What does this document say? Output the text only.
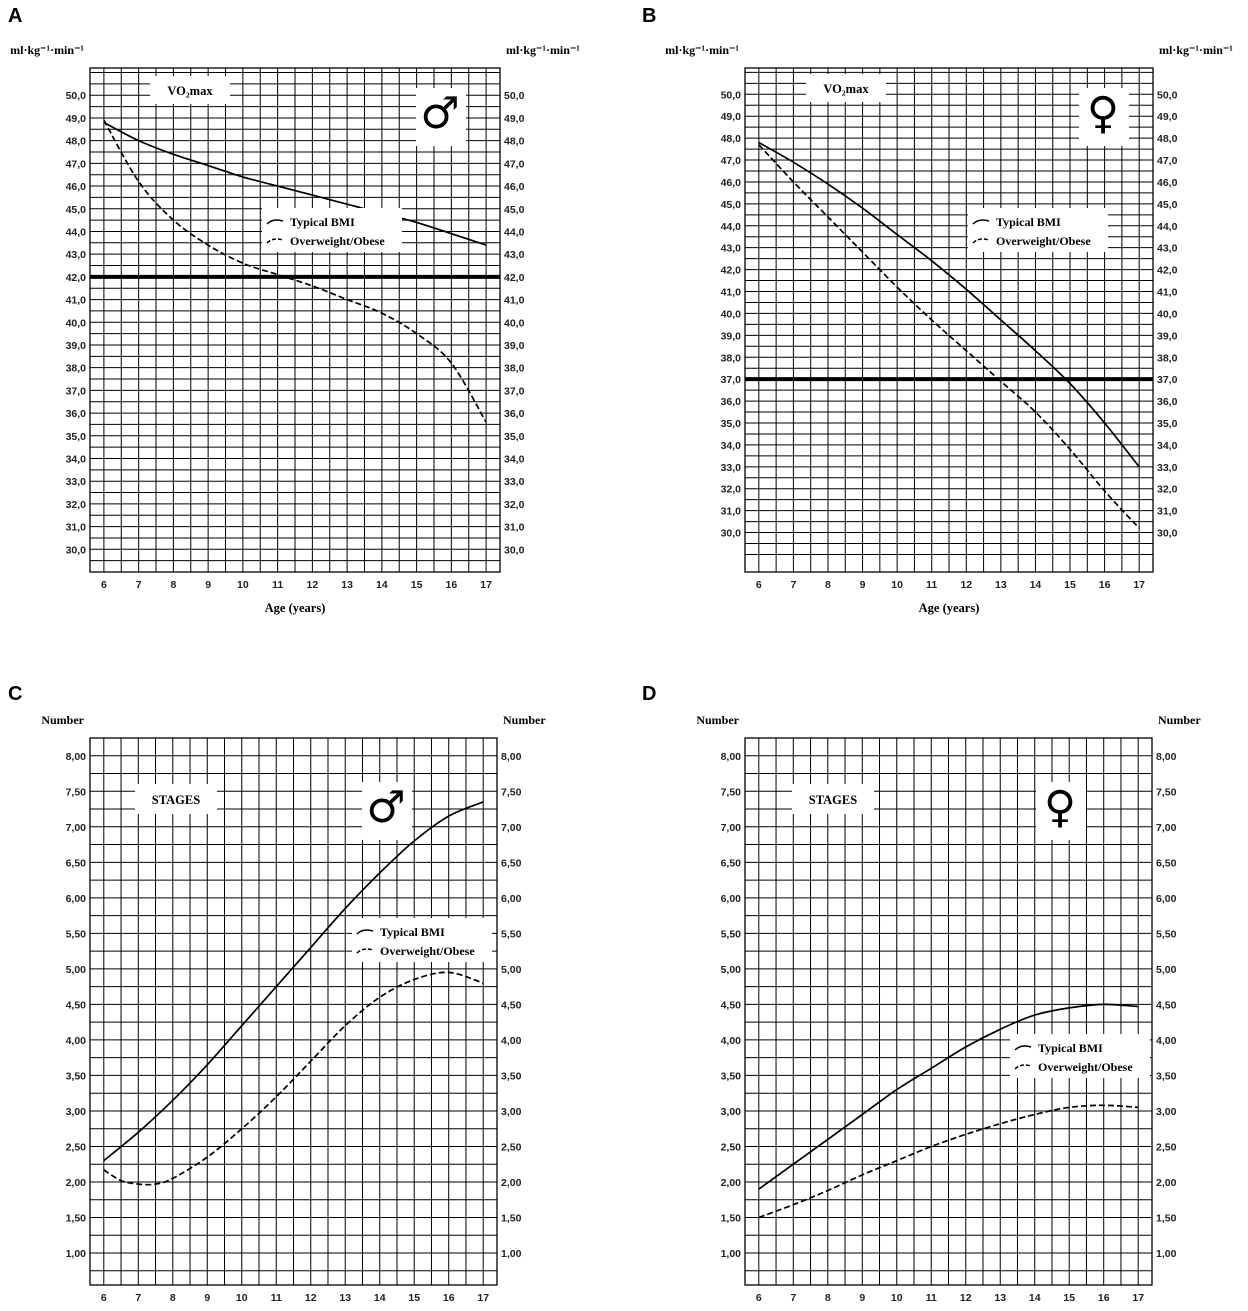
A
30,0	30,0
31,0	31,0
32,0	32,0
33,0	33,0
34,0	34,0
35,0	35,0
36,0	36,0
37,0	37,0
38,0	38,0
39,0	39,0
40,0	40,0
41,0	41,0
42,0	42,0
43,0	43,0
44,0	44,0
45,0	45,0
46,0	46,0
47,0	47,0
48,0	48,0
49,0	49,0
50,0	50,0
6	7	8	9 10 11 12 13 14 15 16 17
ml·kg⁻¹·min⁻¹	ml·kg⁻¹·min⁻¹
Age (years)
VO₂max	♂
Typical BMI
Overweight/Obese
B
30,0	30,0
31,0	31,0
32,0	32,0
33,0	33,0
34,0	34,0
35,0	35,0
36,0	36,0
37,0	37,0
38,0	38,0
39,0	39,0
40,0	40,0
41,0	41,0
42,0	42,0
43,0	43,0
44,0	44,0
45,0	45,0
46,0	46,0
47,0	47,0
48,0	48,0
49,0	49,0
50,0	50,0
6	7	8	9 10 11 12 13 14 15 16 17
ml·kg⁻¹·min⁻¹	ml·kg⁻¹·min⁻¹
Age (years)
VO₂max	♀
Typical BMI
Overweight/Obese
C
1,00	1,00
1,50	1,50
2,00	2,00
2,50	2,50
3,00	3,00
3,50	3,50
4,00	4,00
4,50	4,50
5,00	5,00
5,50	5,50
6,00	6,00
6,50	6,50
7,00	7,00
7,50	7,50
8,00	8,00
6	7	8	9 10 11 12 13 14 15 16 17
Number	Number
STAGES	♂
Typical BMI
Overweight/Obese
D
1,00	1,00
1,50	1,50
2,00	2,00
2,50	2,50
3,00	3,00
3,50	3,50
4,00	4,00
4,50	4,50
5,00	5,00
5,50	5,50
6,00	6,00
6,50	6,50
7,00	7,00
7,50	7,50
8,00	8,00
6	7	8	9 10 11 12 13 14 15 16 17
Number	Number
STAGES	♀
Typical BMI
Overweight/Obese
